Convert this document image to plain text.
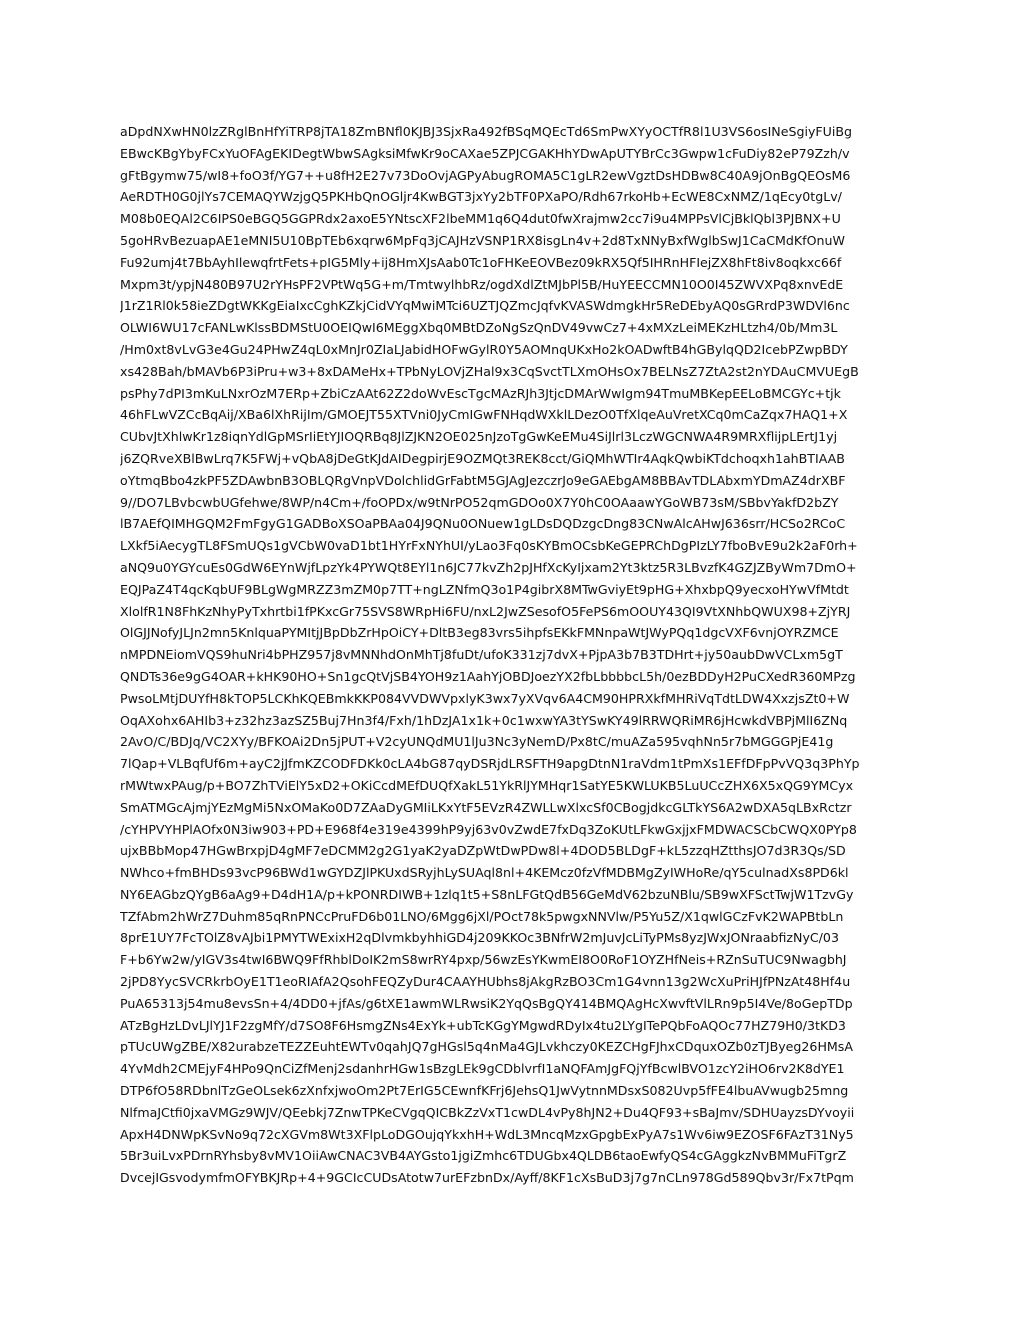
aDpdNXwHN0lzZRglBnHfYiTRP8jTA18ZmBNfl0KJBJ3SjxRa492fBSqMQEcTd6SmPwXYyOCTfR8l1U3VS6osINeSgiyFUiBg
EBwcKBgYbyFCxYuOFAgEKIDegtWbwSAgksiMfwKr9oCAXae5ZPJCGAKHhYDwApUTYBrCc3Gwpw1cFuDiy82eP79Zzh/v
gFtBgymw75/wI8+foO3f/YG7++u8fH2E27v73DoOvjAGPyAbugROMA5C1gLR2ewVgztDsHDBw8C40A9jOnBgQEOsM6
AeRDTH0G0jlYs7CEMAQYWzjgQ5PKHbQnOGljr4KwBGT3jxYy2bTF0PXaPO/Rdh67rkoHb+EcWE8CxNMZ/1qEcy0tgLv/
M08b0EQAl2C6IPS0eBGQ5GGPRdx2axoE5YNtscXF2lbeMM1q6Q4dut0fwXrajmw2cc7i9u4MPPsVlCjBklQbl3PJBNX+U
5goHRvBezuapAE1eMNI5U10BpTEb6xqrw6MpFq3jCAJHzVSNP1RX8isgLn4v+2d8TxNNyBxfWglbSwJ1CaCMdKfOnuW
Fu92umj4t7BbAyhIlewqfrtFets+pIG5Mly+ij8HmXJsAab0Tc1oFHKeEOVBez09kRX5Qf5IHRnHFIejZX8hFt8iv8oqkxc66f
Mxpm3t/ypjN480B97U2rYHsPF2VPtWq5G+m/TmtwylhbRz/ogdXdlZtMJbPl5B/HuYEECCMN10O0I45ZWVXPq8xnvEdE
J1rZ1Rl0k58ieZDgtWKKgEiaIxcCghKZkjCidVYqMwiMTci6UZTJQZmcJqfvKVASWdmgkHr5ReDEbyAQ0sGRrdP3WDVl6nc
OLWI6WU17cFANLwKlssBDMStU0OEIQwI6MEggXbq0MBtDZoNgSzQnDV49vwCz7+4xMXzLeiMEKzHLtzh4/0b/Mm3L
/Hm0xt8vLvG3e4Gu24PHwZ4qL0xMnJr0ZIaLJabidHOFwGylR0Y5AOMnqUKxHo2kOADwftB4hGBylqQD2IcebPZwpBDY
xs428Bah/bMAVb6P3iPru+w3+8xDAMeHx+TPbNyLOVjZHal9x3CqSvctTLXmOHsOx7BELNsZ7ZtA2st2nYDAuCMVUEgB
psPhy7dPI3mKuLNxrOzM7ERp+ZbiCzAAt62Z2doWvEscTgcMAzRJh3JtjcDMArWwIgm94TmuMBKepEELoBMCGYc+tjk
46hFLwVZCcBqAij/XBa6lXhRijIm/GMOEJT55XTVni0JyCmIGwFNHqdWXklLDezO0TfXlqeAuVretXCq0mCaZqx7HAQ1+X
CUbvJtXhlwKr1z8iqnYdlGpMSrIiEtYJIOQRBq8JlZJKN2OE025nJzoTgGwKeEMu4SiJlrl3LczWGCNWA4R9MRXflijpLErtJ1yj
j6ZQRveXBlBwLrq7K5FWj+vQbA8jDeGtKJdAIDegpirjE9OZMQt3REK8cct/GiQMhWTIr4AqkQwbiKTdchoqxh1ahBTIAAB
oYtmqBbo4zkPF5ZDAwbnB3OBLQRgVnpVDolchlidGrFabtM5GJAgJezczrJo9eGAEbgAM8BBAvTDLAbxmYDmAZ4drXBF
9//DO7LBvbcwbUGfehwe/8WP/n4Cm+/foOPDx/w9tNrPO52qmGDOo0X7Y0hC0OAaawYGoWB73sM/SBbvYakfD2bZY
lB7AEfQIMHGQM2FmFgyG1GADBoXSOaPBAa04J9QNu0ONuew1gLDsDQDzgcDng83CNwAlcAHwJ636srr/HCSo2RCoC
LXkf5iAecygTL8FSmUQs1gVCbW0vaD1bt1HYrFxNYhUI/yLao3Fq0sKYBmOCsbKeGEPRChDgPIzLY7fboBvE9u2k2aF0rh+
aNQ9u0YGYcuEs0GdW6EYnWjfLpzYk4PYWQt8EYl1n6JC77kvZh2pJHfXcKyIjxam2Yt3ktz5R3LBvzfK4GZJZByWm7DmO+
EQJPaZ4T4qcKqbUF9BLgWgMRZZ3mZM0p7TT+ngLZNfmQ3o1P4gibrX8MTwGviyEt9pHG+XhxbpQ9yecxoHYwVfMtdt
XlolfR1N8FhKzNhyPyTxhrtbi1fPKxcGr75SVS8WRpHi6FU/nxL2JwZSesofO5FePS6mOOUY43QI9VtXNhbQWUX98+ZjYRJ
OlGJJNofyJLJn2mn5KnlquaPYMItjJBpDbZrHpOiCY+DltB3eg83vrs5ihpfsEKkFMNnpaWtJWyPQq1dgcVXF6vnjOYRZMCE
nMPDNEiomVQS9huNri4bPHZ957j8vMNNhdOnMhTj8fuDt/ufoK331zj7dvX+PjpA3b7B3TDHrt+jy50aubDwVCLxm5gT
QNDTs36e9gG4OAR+kHK90HO+Sn1gcQtVjSB4YOH9z1AahYjOBDJoezYX2fbLbbbbcL5h/0ezBDDyH2PuCXedR360MPzg
PwsoLMtjDUYfH8kTOP5LCKhKQEBmkKKP084VVDWVpxlyK3wx7yXVqv6A4CM90HPRXkfMHRiVqTdtLDW4XxzjsZt0+W
OqAXohx6AHIb3+z32hz3azSZ5Buj7Hn3f4/Fxh/1hDzJA1x1k+0c1wxwYA3tYSwKY49lRRWQRiMR6jHcwkdVBPjMlI6ZNq
2AvO/C/BDJq/VC2XYy/BFKOAi2Dn5jPUT+V2cyUNQdMU1lJu3Nc3yNemD/Px8tC/muAZa595vqhNn5r7bMGGGPjE41g
7lQap+VLBqfUf6m+ayC2jJfmKZCODFDKk0cLA4bG87qyDSRjdLRSFTH9apgDtnN1raVdm1tPmXs1EFfDFpPvVQ3q3PhYp
rMWtwxPAug/p+BO7ZhTViElY5xD2+OKiCcdMEfDUQfXakL51YkRlJYMHqr1SatYE5KWLUKB5LuUCcZHX6X5xQG9YMCyx
SmATMGcAjmjYEzMgMi5NxOMaKo0D7ZAaDyGMIiLKxYtF5EVzR4ZWLLwXlxcSf0CBogjdkcGLTkYS6A2wDXA5qLBxRctzr
/cYHPVYHPlAOfx0N3iw903+PD+E968f4e319e4399hP9yj63v0vZwdE7fxDq3ZoKUtLFkwGxjjxFMDWACSCbCWQX0PYp8
ujxBBbMop47HGwBrxpjD4gMF7eDCMM2g2G1yaK2yaDZpWtDwPDw8l+4DOD5BLDgF+kL5zzqHZtthsJO7d3R3Qs/SD
NWhco+fmBHDs93vcP96BWd1wGYDZJlPKUxdSRyjhLySUAql8nl+4KEMcz0fzVfMDBMgZyIWHoRe/qY5culnadXs8PD6kl
NY6EAGbzQYgB6aAg9+D4dH1A/p+kPONRDIWB+1zlq1t5+S8nLFGtQdB56GeMdV62bzuNBlu/SB9wXFSctTwjW1TzvGy
TZfAbm2hWrZ7Duhm85qRnPNCcPruFD6b01LNO/6Mgg6jXl/POct78k5pwgxNNVlw/P5Yu5Z/X1qwlGCzFvK2WAPBtbLn
8prE1UY7FcTOlZ8vAJbi1PMYTWExixH2qDlvmkbyhhiGD4j209KKOc3BNfrW2mJuvJcLiTyPMs8yzJWxJONraabfizNyC/03
F+b6Yw2w/yIGV3s4twI6BWQ9FfRhblDoIK2mS8wrRY4pxp/56wzEsYKwmEI8O0RoF1OYZHfNeis+RZnSuTUC9NwagbhJ
2jPD8YycSVCRkrbOyE1T1eoRIAfA2QsohFEQZyDur4CAAYHUbhs8jAkgRzBO3Cm1G4vnn13g2WcXuPriHJfPNzAt48Hf4u
PuA65313j54mu8evsSn+4/4DD0+jfAs/g6tXE1awmWLRwsiK2YqQsBgQY414BMQAgHcXwvftVlLRn9p5I4Ve/8oGepTDp
ATzBgHzLDvLJlYJ1F2zgMfY/d7SO8F6HsmgZNs4ExYk+ubTcKGgYMgwdRDyIx4tu2LYgITePQbFoAQOc77HZ79H0/3tKD3
pTUcUWgZBE/X82urabzeTEZZEuhtEWTv0qahJQ7gHGsl5q4nMa4GJLvkhczy0KEZCHgFJhxCDquxOZb0zTJByeg26HMsA
4YvMdh2CMEjyF4HPo9QnCiZfMenj2sdanhrHGw1sBzgLEk9gCDblvrfI1aNQFAmJgFQjYfBcwlBVO1zcY2iHO6rv2K8dYE1
DTP6fO58RDbnlTzGeOLsek6zXnfxjwoOm2Pt7ErIG5CEwnfKFrj6JehsQ1JwVytnnMDsxS082Uvp5fFE4lbuAVwugb25mng
NlfmaJCtfi0jxaVMGz9WJV/QEebkj7ZnwTPKeCVgqQICBkZzVxT1cwDL4vPy8hJN2+Du4QF93+sBaJmv/SDHUayzsDYvoyii
ApxH4DNWpKSvNo9q72cXGVm8Wt3XFlpLoDGOujqYkxhH+WdL3MncqMzxGpgbExPyA7s1Wv6iw9EZOSF6FAzT31Ny5
5Br3uiLvxPDrnRYhsby8vMV1OiiAwCNAC3VB4AYGsto1jgiZmhc6TDUGbx4QLDB6taoEwfyQS4cGAggkzNvBMMuFiTgrZ
DvcejIGsvodymfmOFYBKJRp+4+9GCIcCUDsAtotw7urEFzbnDx/Ayff/8KF1cXsBuD3j7g7nCLn978Gd589Qbv3r/Fx7tPqm
